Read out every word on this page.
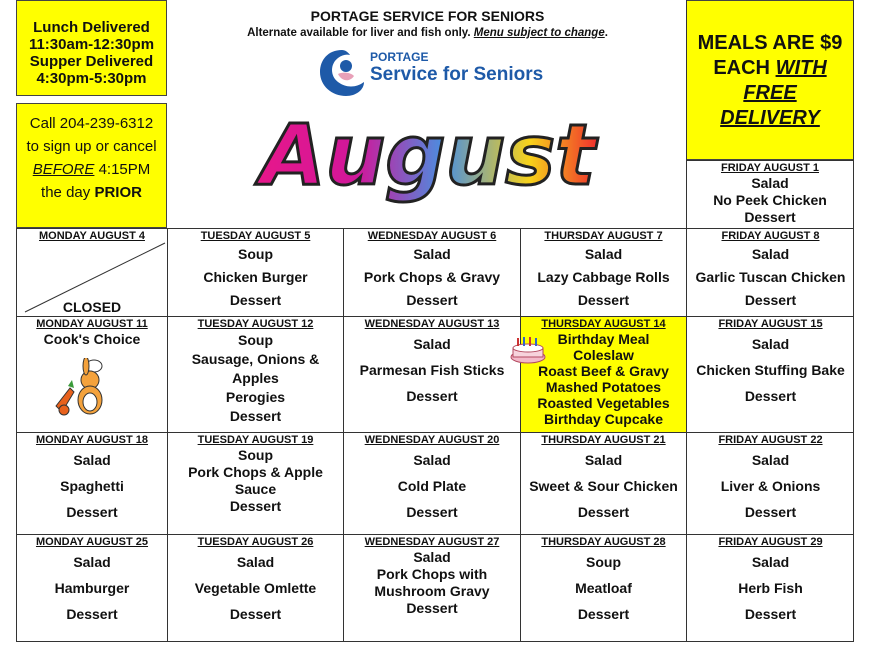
Lunch Delivered
11:30am-12:30pm
Supper Delivered
4:30pm-5:30pm
Call 204-239-6312
to sign up or cancel
BEFORE 4:15PM
the day PRIOR
PORTAGE SERVICE FOR SENIORS
Alternate available for liver and fish only. Menu subject to change.
PORTAGE
Service for Seniors
August
MEALS ARE $9
EACH WITH
FREE DELIVERY
FRIDAY AUGUST 1
Salad
No Peek Chicken
Dessert
MONDAY AUGUST 4
CLOSED
TUESDAY AUGUST 5
Soup
Chicken Burger
Dessert
WEDNESDAY AUGUST 6
Salad
Pork Chops & Gravy
Dessert
THURSDAY AUGUST 7
Salad
Lazy Cabbage Rolls
Dessert
FRIDAY AUGUST 8
Salad
Garlic Tuscan Chicken
Dessert
MONDAY AUGUST 11
Cook's Choice
TUESDAY AUGUST 12
Soup
Sausage, Onions &
Apples
Perogies
Dessert
WEDNESDAY AUGUST 13
Salad
Parmesan Fish Sticks
Dessert
THURSDAY AUGUST 14
Birthday Meal
Coleslaw
Roast Beef & Gravy
Mashed Potatoes
Roasted Vegetables
Birthday Cupcake
FRIDAY AUGUST 15
Salad
Chicken Stuffing Bake
Dessert
MONDAY AUGUST 18
Salad
Spaghetti
Dessert
TUESDAY AUGUST 19
Soup
Pork Chops & Apple
Sauce
Dessert
WEDNESDAY AUGUST 20
Salad
Cold Plate
Dessert
THURSDAY AUGUST 21
Salad
Sweet & Sour Chicken
Dessert
FRIDAY AUGUST 22
Salad
Liver & Onions
Dessert
MONDAY AUGUST 25
Salad
Hamburger
Dessert
TUESDAY AUGUST 26
Salad
Vegetable Omlette
Dessert
WEDNESDAY AUGUST 27
Salad
Pork Chops with
Mushroom Gravy
Dessert
THURSDAY AUGUST 28
Soup
Meatloaf
Dessert
FRIDAY AUGUST 29
Salad
Herb Fish
Dessert
